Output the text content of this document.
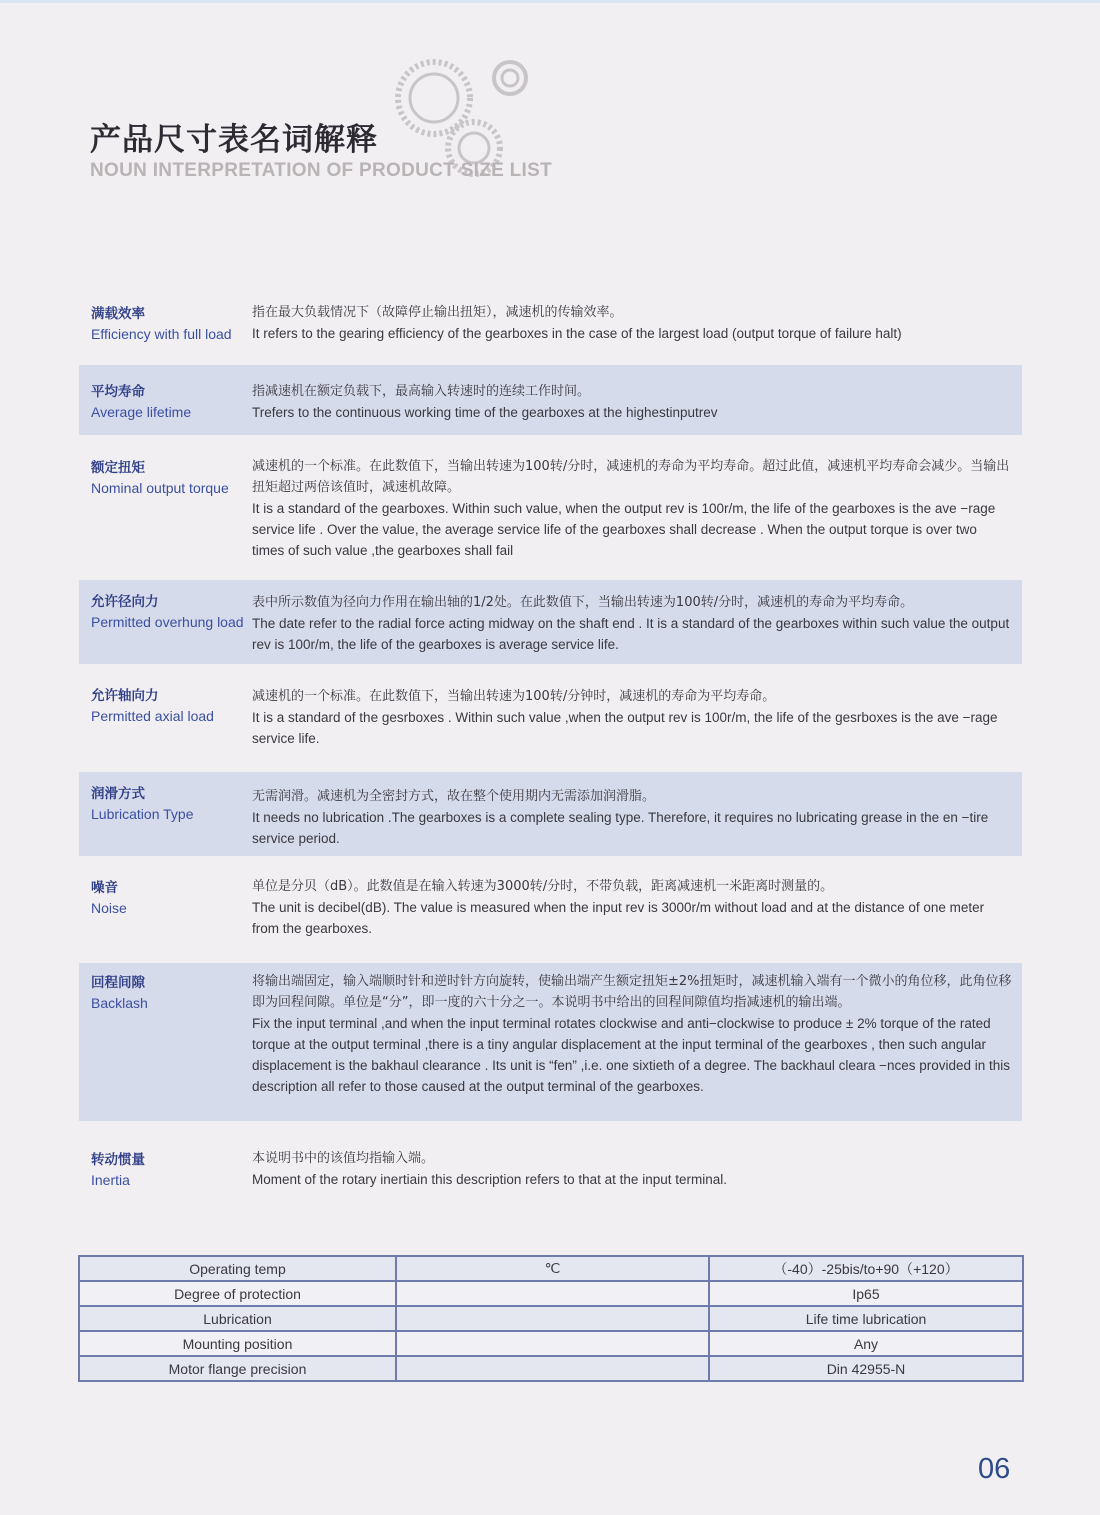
产品尺寸表名词解释
NOUN INTERPRETATION OF PRODUCT SIZE LIST
满载效率
Efficiency with full load
指在最大负载情况下（故障停止输出扭矩），减速机的传输效率。
It refers to the gearing efficiency of the gearboxes in the case of the largest load (output torque of failure halt)
平均寿命
Average lifetime
指减速机在额定负载下，最高输入转速时的连续工作时间。
Trefers to the continuous working time of the gearboxes at the highestinputrev
额定扭矩
Nominal output torque
减速机的一个标准。在此数值下，当输出转速为100转/分时，减速机的寿命为平均寿命。超过此值，减速机平均寿命会减少。当输出扭矩超过两倍该值时，减速机故障。
It is a standard of the gearboxes. Within such value, when the output rev is 100r/m, the life of the gearboxes is the ave −rage service life . Over the value, the average service life of the gearboxes shall decrease . When the output torque is over two times of such value ,the gearboxes shall fail
允许径向力
Permitted overhung load
表中所示数值为径向力作用在输出轴的1/2处。在此数值下，当输出转速为100转/分时，减速机的寿命为平均寿命。
The date refer to the radial force acting midway on the shaft end . It is a standard of the gearboxes within such value the output rev is 100r/m, the life of the gearboxes is average service life.
允许轴向力
Permitted axial load
减速机的一个标准。在此数值下，当输出转速为100转/分钟时，减速机的寿命为平均寿命。
It is a standard of the gesrboxes . Within such value ,when the output rev is 100r/m, the life of the gesrboxes is the ave −rage service life.
润滑方式
Lubrication Type
无需润滑。减速机为全密封方式，故在整个使用期内无需添加润滑脂。
It needs no lubrication .The gearboxes is a complete sealing type. Therefore, it requires no lubricating grease in the en −tire service period.
噪音
Noise
单位是分贝（dB）。此数值是在输入转速为3000转/分时，不带负载，距离减速机一米距离时测量的。
The unit is decibel(dB). The value is measured when the input rev is 3000r/m without load and at the distance of one meter from the gearboxes.
回程间隙
Backlash
将输出端固定，输入端顺时针和逆时针方向旋转，使输出端产生额定扭矩±2%扭矩时，减速机输入端有一个微小的角位移，此角位移即为回程间隙。单位是“分”，即一度的六十分之一。本说明书中给出的回程间隙值均指减速机的输出端。
Fix the input terminal ,and when the input terminal rotates clockwise and anti−clockwise to produce ± 2% torque of the rated torque at the output terminal ,there is a tiny angular displacement at the input terminal of the gearboxes , then such angular displacement is the bakhaul clearance . Its unit is “fen” ,i.e. one sixtieth of a degree. The backhaul cleara −nces provided in this description all refer to those caused at the output terminal of the gearboxes.
转动惯量
Inertia
本说明书中的该值均指输入端。
Moment of the rotary inertiain this description refers to that at the input terminal.
Operating temp	℃	（-40）-25bis/to+90（+120）
Degree of protection		Ip65
Lubrication		Life time lubrication
Mounting position		Any
Motor flange precision		Din 42955-N
06
